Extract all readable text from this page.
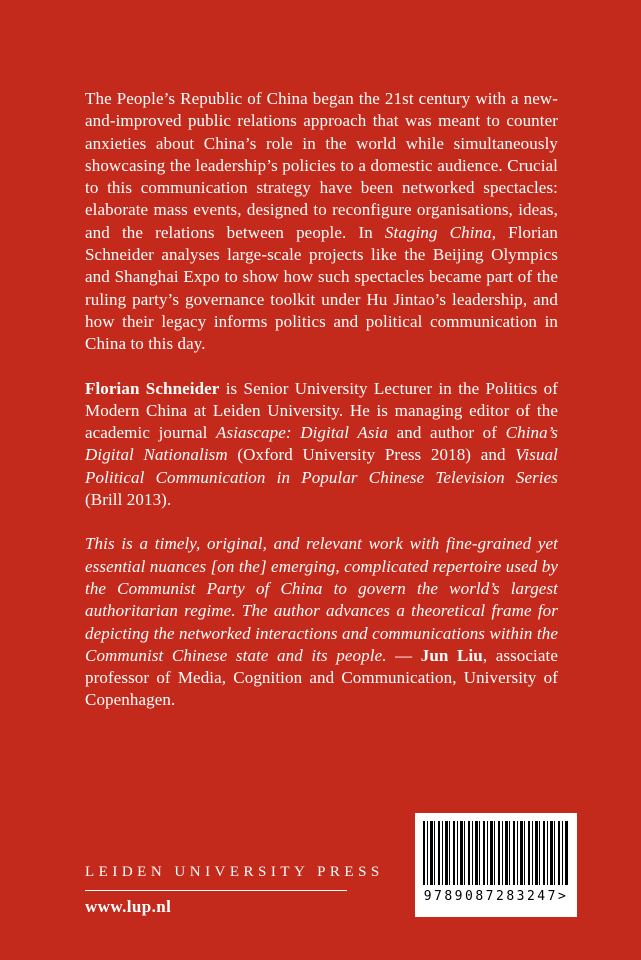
The People’s Republic of China began the 21st century with a new-and-improved public relations approach that was meant to counter anxieties about China’s role in the world while simultaneously showcasing the leadership’s policies to a domestic audience. Crucial to this communication strategy have been networked spectacles: elaborate mass events, designed to reconfigure organisations, ideas, and the relations between people. In Staging China, Florian Schneider analyses large-scale projects like the Beijing Olympics and Shanghai Expo to show how such spectacles became part of the ruling party’s governance toolkit under Hu Jintao’s leadership, and how their legacy informs politics and political communication in China to this day.

Florian Schneider is Senior University Lecturer in the Politics of Modern China at Leiden University. He is managing editor of the academic journal Asiascape: Digital Asia and author of China’s Digital Nationalism (Oxford University Press 2018) and Visual Political Communication in Popular Chinese Television Series (Brill 2013).

This is a timely, original, and relevant work with fine-grained yet essential nuances [on the] emerging, complicated repertoire used by the Communist Party of China to govern the world’s largest authoritarian regime. The author advances a theoretical frame for depicting the networked interactions and communications within the Communist Chinese state and its people. — Jun Liu, associate professor of Media, Cognition and Communication, University of Copenhagen.

9789087283247>
LEIDEN UNIVERSITY PRESS
www.lup.nl
